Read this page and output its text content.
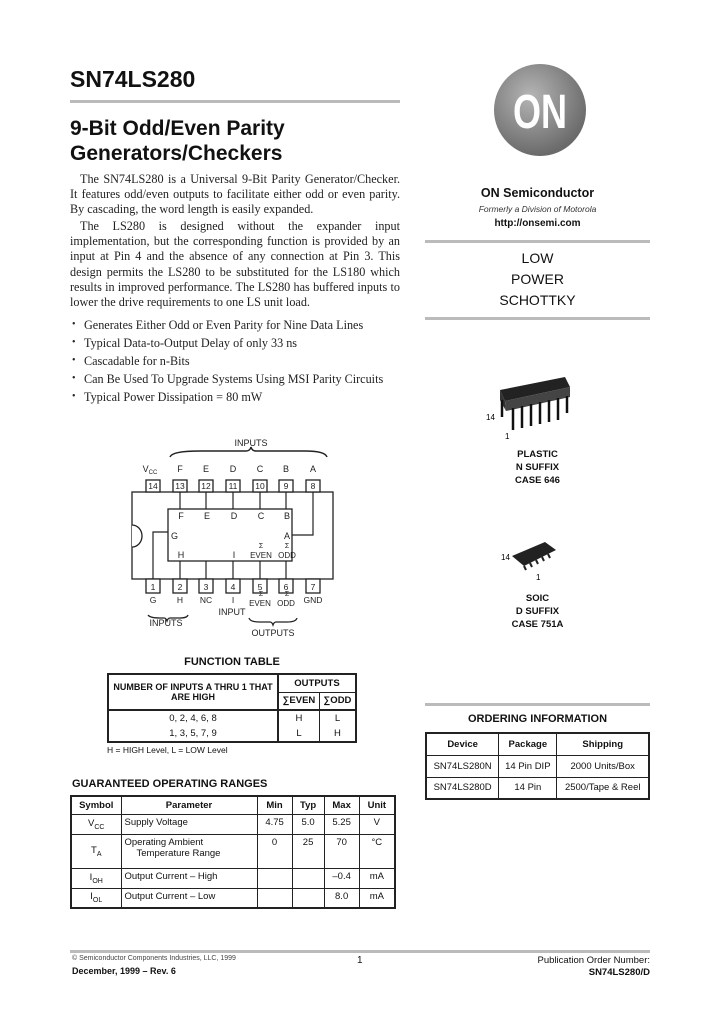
SN74LS280
9-Bit Odd/Even Parity
Generators/Checkers

The SN74LS280 is a Universal 9-Bit Parity Generator/Checker. It features odd/even outputs to facilitate either odd or even parity. By cascading, the word length is easily expanded.

The LS280 is designed without the expander input implementation, but the corresponding function is provided by an input at Pin 4 and the absence of any connection at Pin 3. This design permits the LS280 to be substituted for the LS180 which results in improved performance. The LS280 has buffered inputs to lower the drive requirements to one LS unit load.

• Generates Either Odd or Even Parity for Nine Data Lines
• Typical Data-to-Output Delay of only 33 ns
• Cascadable for n-Bits
• Can Be Used To Upgrade Systems Using MSI Parity Circuits
• Typical Power Dissipation = 80 mW
INPUTS
$V_{CC}$ F E D C B A
14
1
13
2
12
3
11
4
10
5
9
6
8
7
F E D C B
G	A
H	I
Σ
EVEN
Σ
ODD
G H NC I EVEN ODD GND
Σ	Σ
INPUTS
INPUT
OUTPUTS
FUNCTION TABLE
NUMBER OF INPUTS A THRU 1 THAT ARE HIGH	OUTPUTS	
	∑EVEN	∑ODD
0, 2, 4, 6, 8	H	L
1, 3, 5, 7, 9	L	H
H = HIGH Level, L = LOW Level
GUARANTEED OPERATING RANGES
Symbol	Parameter	Min	Typ	Max	Unit
$V_{CC}$	Supply Voltage	4.75	5.0	5.25	V
$T_A$	Operating Ambient
Temperature Range	0	25	70	°C
$I_{OH}$	Output Current – High			–0.4	mA
$I_{OL}$	Output Current – Low			8.0	mA
ON
ON Semiconductor
Formerly a Division of Motorola
http://onsemi.com
LOW
POWER
SCHOTTKY
14
1
PLASTIC
N SUFFIX
CASE 646
14
1
SOIC
D SUFFIX
CASE 751A
ORDERING INFORMATION
Device	Package	Shipping
SN74LS280N	14 Pin DIP	2000 Units/Box
SN74LS280D	14 Pin	2500/Tape & Reel
© Semiconductor Components Industries, LLC, 1999
December, 1999 – Rev. 6
1	Publication Order Number:
SN74LS280/D
